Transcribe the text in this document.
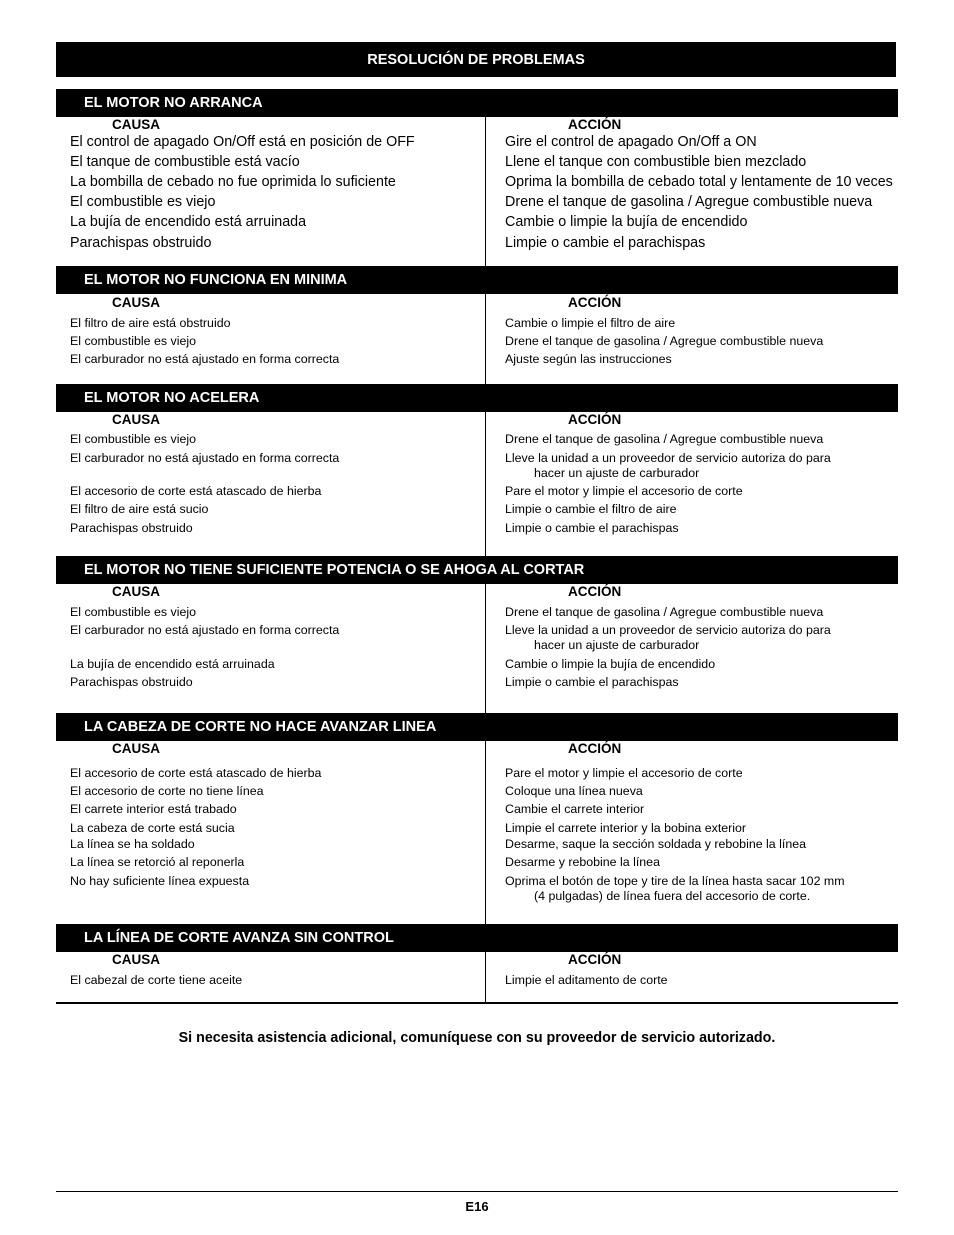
RESOLUCIÓN DE PROBLEMAS
EL MOTOR NO ARRANCA
CAUSA	ACCIÓN
El control de apagado On/Off está en posición de OFF	Gire el control de apagado On/Off a ON
El tanque de combustible está vacío	Llene el tanque con combustible bien mezclado
La bombilla de cebado no fue oprimida lo suficiente	Oprima la bombilla de cebado total y lentamente de 10 veces
El combustible es viejo	Drene el tanque de gasolina / Agregue combustible nueva
La bujía de encendido está arruinada	Cambie o limpie la bujía de encendido
Parachispas obstruido	Limpie o cambie el parachispas
EL MOTOR NO FUNCIONA EN MINIMA
CAUSA	ACCIÓN
El filtro de aire está obstruido	Cambie o limpie el filtro de aire
El combustible es viejo	Drene el tanque de gasolina / Agregue combustible nueva
El carburador no está ajustado en forma correcta	Ajuste según las instrucciones
EL MOTOR NO ACELERA
CAUSA	ACCIÓN
El combustible es viejo	Drene el tanque de gasolina / Agregue combustible nueva
El carburador no está ajustado en forma correcta	Lleve la unidad a un proveedor de servicio autoriza do para
hacer un ajuste de carburador
El accesorio de corte está atascado de hierba	Pare el motor y limpie el accesorio de corte
El filtro de aire está sucio	Limpie o cambie el filtro de aire
Parachispas obstruido	Limpie o cambie el parachispas
EL MOTOR NO TIENE SUFICIENTE POTENCIA O SE AHOGA AL CORTAR
CAUSA	ACCIÓN
El combustible es viejo	Drene el tanque de gasolina / Agregue combustible nueva
El carburador no está ajustado en forma correcta	Lleve la unidad a un proveedor de servicio autoriza do para
hacer un ajuste de carburador
La bujía de encendido está arruinada	Cambie o limpie la bujía de encendido
Parachispas obstruido	Limpie o cambie el parachispas
LA CABEZA DE CORTE NO HACE AVANZAR LINEA
CAUSA	ACCIÓN
El accesorio de corte está atascado de hierba	Pare el motor y limpie el accesorio de corte
El accesorio de corte no tiene línea	Coloque una línea nueva
El carrete interior está trabado	Cambie el carrete interior
La cabeza de corte está sucia	Limpie el carrete interior y la bobina exterior
La línea se ha soldado	Desarme, saque la sección soldada y rebobine la línea
La línea se retorció al reponerla	Desarme y rebobine la línea
No hay suficiente línea expuesta	Oprima el botón de tope y tire de la línea hasta sacar 102 mm
(4 pulgadas) de línea fuera del accesorio de corte.
LA LÍNEA DE CORTE AVANZA SIN CONTROL
CAUSA	ACCIÓN
El cabezal de corte tiene aceite	Limpie el aditamento de corte
Si necesita asistencia adicional, comuníquese con su proveedor de servicio autorizado.
E16
